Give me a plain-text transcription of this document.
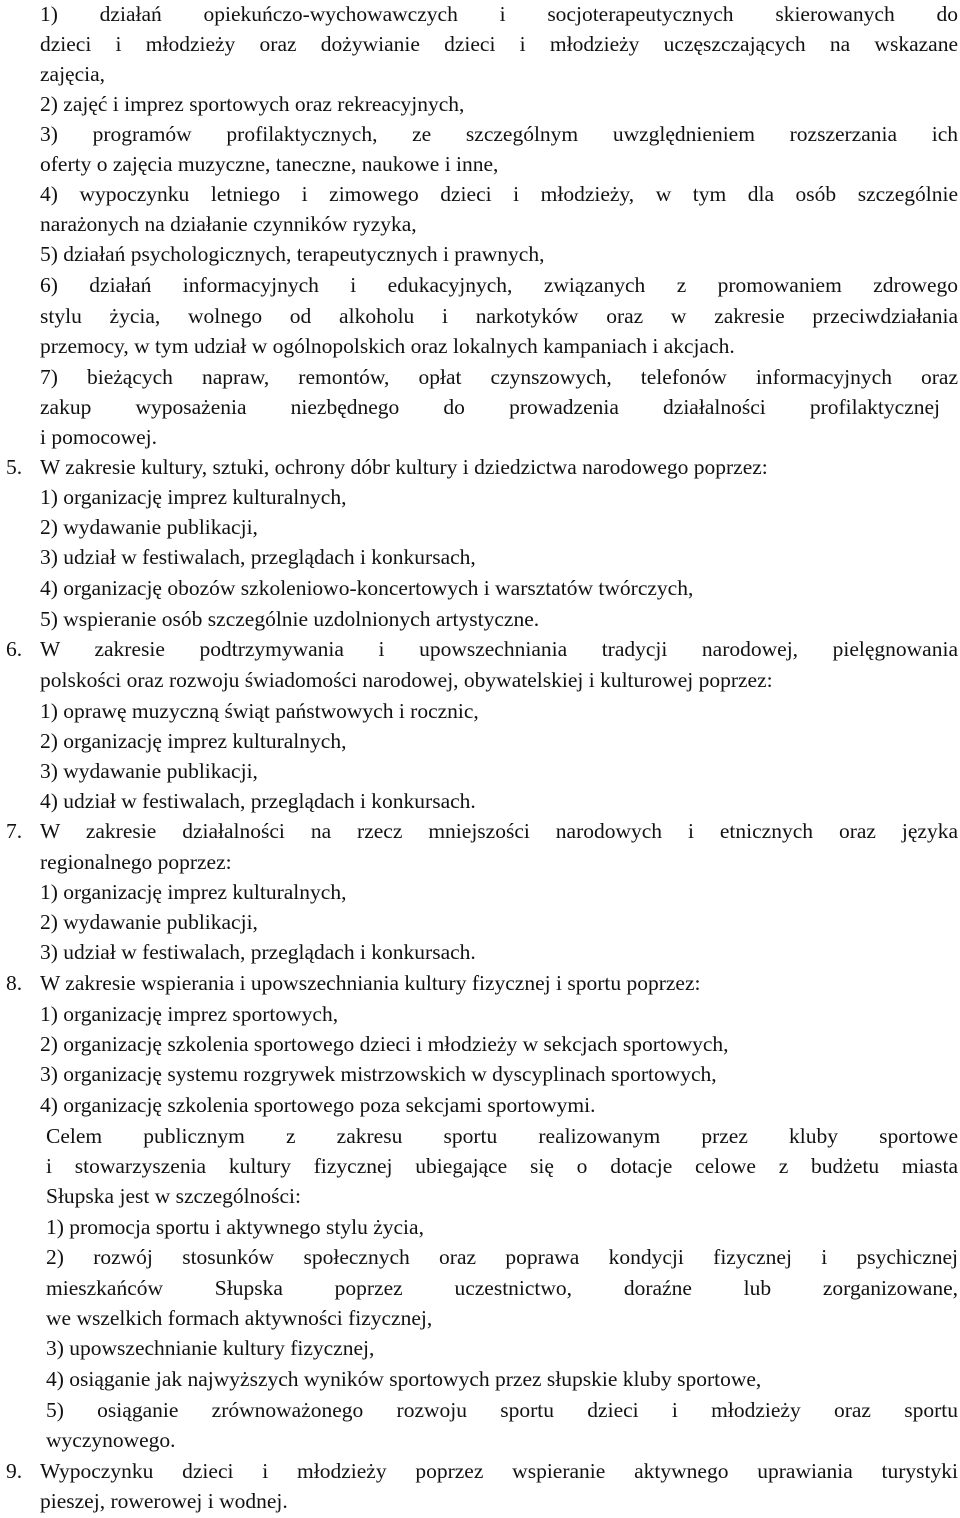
1) działań opiekuńczo-wychowawczych i socjoterapeutycznych skierowanych do
dzieci i młodzieży oraz dożywianie dzieci i młodzieży uczęszczających na wskazane
zajęcia,
2) zajęć i imprez sportowych oraz rekreacyjnych,
3) programów profilaktycznych, ze szczególnym uwzględnieniem rozszerzania ich
oferty o zajęcia muzyczne, taneczne, naukowe i inne,
4) wypoczynku letniego i zimowego dzieci i młodzieży, w tym dla osób szczególnie
narażonych na działanie czynników ryzyka,
5) działań psychologicznych, terapeutycznych i prawnych,
6) działań informacyjnych i edukacyjnych, związanych z promowaniem zdrowego
stylu życia, wolnego od alkoholu i narkotyków oraz w zakresie przeciwdziałania
przemocy, w tym udział w ogólnopolskich oraz lokalnych kampaniach i akcjach.
7) bieżących napraw, remontów, opłat czynszowych, telefonów informacyjnych oraz
zakup wyposażenia niezbędnego do prowadzenia działalności profilaktycznej
i pomocowej.
5. W zakresie kultury, sztuki, ochrony dóbr kultury i dziedzictwa narodowego poprzez:
1) organizację imprez kulturalnych,
2) wydawanie publikacji,
3) udział w festiwalach, przeglądach i konkursach,
4) organizację obozów szkoleniowo-koncertowych i warsztatów twórczych,
5) wspieranie osób szczególnie uzdolnionych artystyczne.
6. W zakresie podtrzymywania i upowszechniania tradycji narodowej, pielęgnowania
polskości oraz rozwoju świadomości narodowej, obywatelskiej i kulturowej poprzez:
1) oprawę muzyczną świąt państwowych i rocznic,
2) organizację imprez kulturalnych,
3) wydawanie publikacji,
4) udział w festiwalach, przeglądach i konkursach.
7. W zakresie działalności na rzecz mniejszości narodowych i etnicznych oraz języka
regionalnego poprzez:
1) organizację imprez kulturalnych,
2) wydawanie publikacji,
3) udział w festiwalach, przeglądach i konkursach.
8. W zakresie wspierania i upowszechniania kultury fizycznej i sportu poprzez:
1) organizację imprez sportowych,
2) organizację szkolenia sportowego dzieci i młodzieży w sekcjach sportowych,
3) organizację systemu rozgrywek mistrzowskich w dyscyplinach sportowych,
4) organizację szkolenia sportowego poza sekcjami sportowymi.
Celem publicznym z zakresu sportu realizowanym przez kluby sportowe
i stowarzyszenia kultury fizycznej ubiegające się o dotacje celowe z budżetu miasta
Słupska jest w szczególności:
1) promocja sportu i aktywnego stylu życia,
2) rozwój stosunków społecznych oraz poprawa kondycji fizycznej i psychicznej
mieszkańców Słupska poprzez uczestnictwo, doraźne lub zorganizowane,
we wszelkich formach aktywności fizycznej,
3) upowszechnianie kultury fizycznej,
4) osiąganie jak najwyższych wyników sportowych przez słupskie kluby sportowe,
5) osiąganie zrównoważonego rozwoju sportu dzieci i młodzieży oraz sportu
wyczynowego.
9. Wypoczynku dzieci i młodzieży poprzez wspieranie aktywnego uprawiania turystyki
pieszej, rowerowej i wodnej.
